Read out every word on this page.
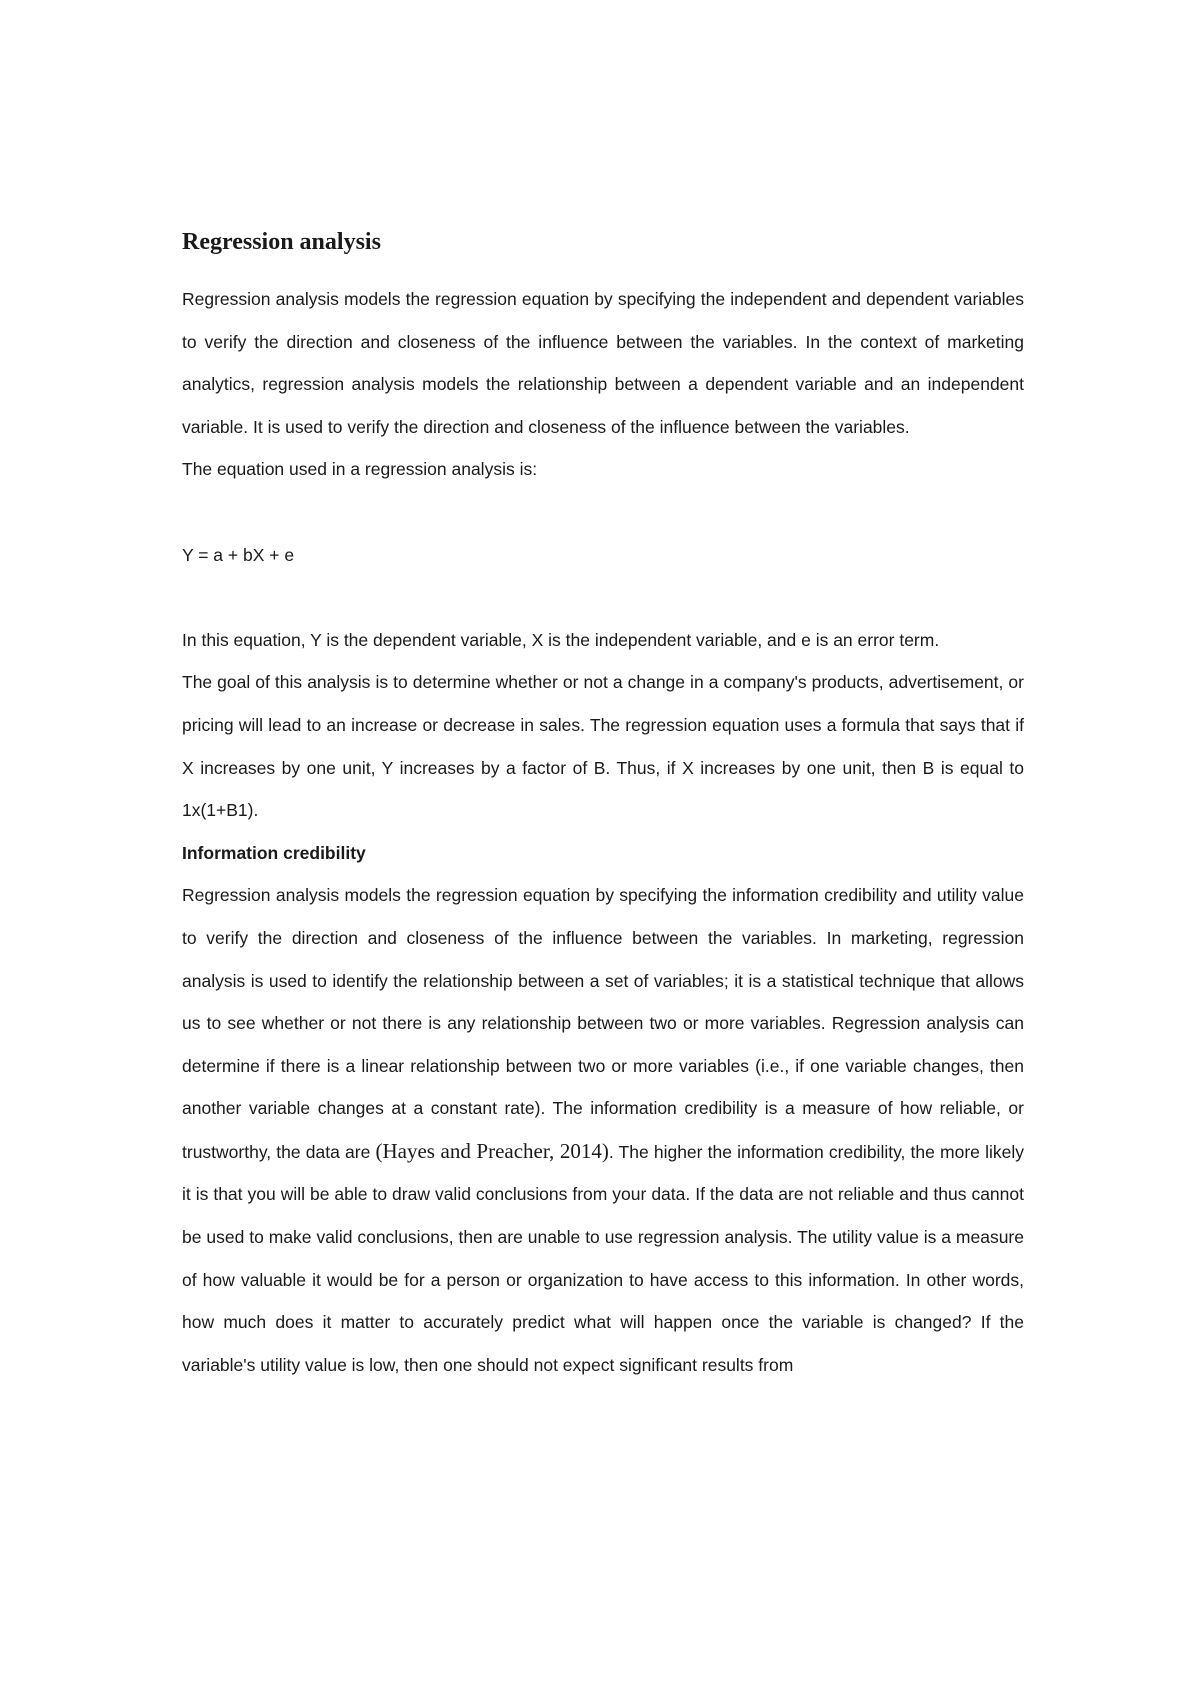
Regression analysis

Regression analysis models the regression equation by specifying the independent and dependent variables to verify the direction and closeness of the influence between the variables. In the context of marketing analytics, regression analysis models the relationship between a dependent variable and an independent variable. It is used to verify the direction and closeness of the influence between the variables.

The equation used in a regression analysis is:

Y = a + bX + e

In this equation, Y is the dependent variable, X is the independent variable, and e is an error term.

The goal of this analysis is to determine whether or not a change in a company's products, advertisement, or pricing will lead to an increase or decrease in sales. The regression equation uses a formula that says that if X increases by one unit, Y increases by a factor of B. Thus, if X increases by one unit, then B is equal to 1x(1+B1).

Information credibility

Regression analysis models the regression equation by specifying the information credibility and utility value to verify the direction and closeness of the influence between the variables. In marketing, regression analysis is used to identify the relationship between a set of variables; it is a statistical technique that allows us to see whether or not there is any relationship between two or more variables. Regression analysis can determine if there is a linear relationship between two or more variables (i.e., if one variable changes, then another variable changes at a constant rate). The information credibility is a measure of how reliable, or trustworthy, the data are (Hayes and Preacher, 2014). The higher the information credibility, the more likely it is that you will be able to draw valid conclusions from your data. If the data are not reliable and thus cannot be used to make valid conclusions, then are unable to use regression analysis. The utility value is a measure of how valuable it would be for a person or organization to have access to this information. In other words, how much does it matter to accurately predict what will happen once the variable is changed? If the variable's utility value is low, then one should not expect significant results from
